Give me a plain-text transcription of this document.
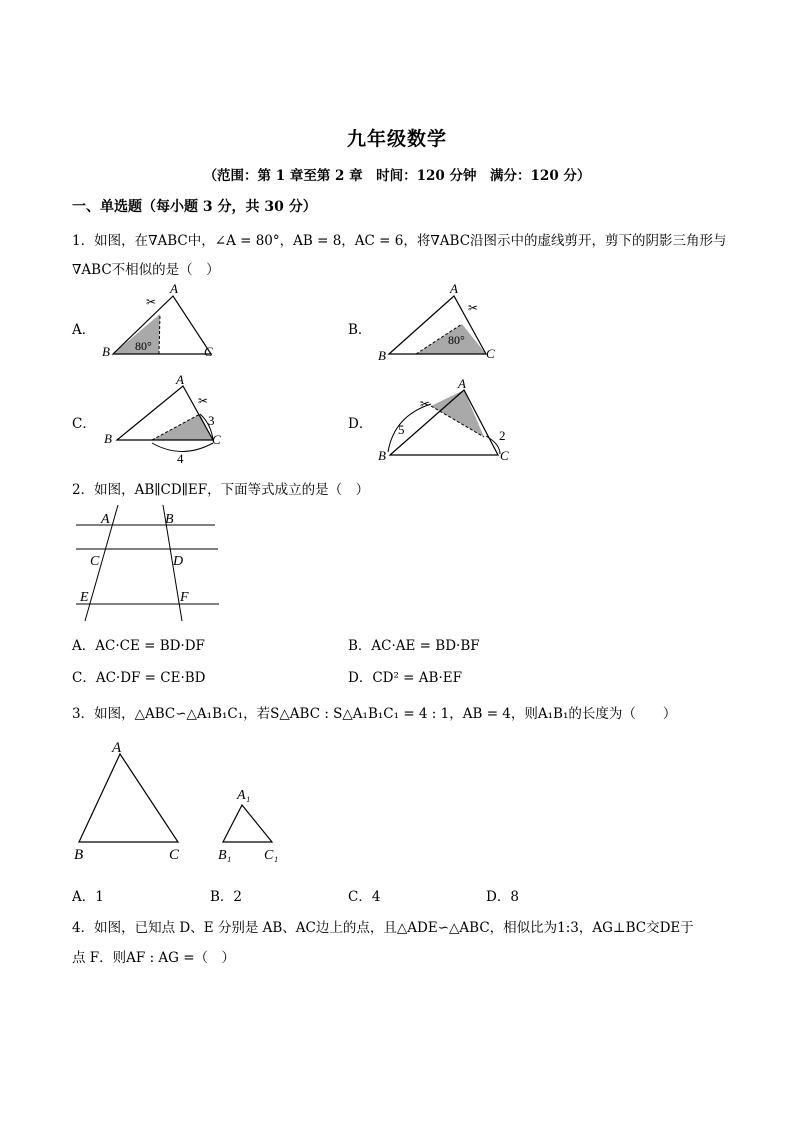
九年级数学
（范围：第 1 章至第 2 章　时间：120 分钟　满分：120 分）
一、单选题（每小题 3 分，共 30 分）
1．如图，在∇ABC中，∠A = 80°，AB = 8，AC = 6，将∇ABC沿图示中的虚线剪开，剪下的阴影三角形与
∇ABC不相似的是（　）
A．	B．
C．	D．
✂
A
B	C
80°
✂
A
B	C
80°
✂
A
B	C
3
4
✂
A
B	C
5	2
2．如图，AB∥CD∥EF，下面等式成立的是（　）
A	B
C	D
E	F
A．AC·CE = BD·DF	B．AC·AE = BD·BF
C．AC·DF = CE·BD	D．CD² = AB·EF
3．如图，△ABC∽△A₁B₁C₁，若S△ABC : S△A₁B₁C₁ = 4 : 1，AB = 4，则A₁B₁的长度为（　　）
A
B	C
A₁
B₁ C₁
A．1	B．2	C．4	D．8
4．如图，已知点 D、E 分别是 AB、AC边上的点，且△ADE∽△ABC，相似比为1:3，AG⊥BC交DE于
点 F．则AF : AG =（　）
